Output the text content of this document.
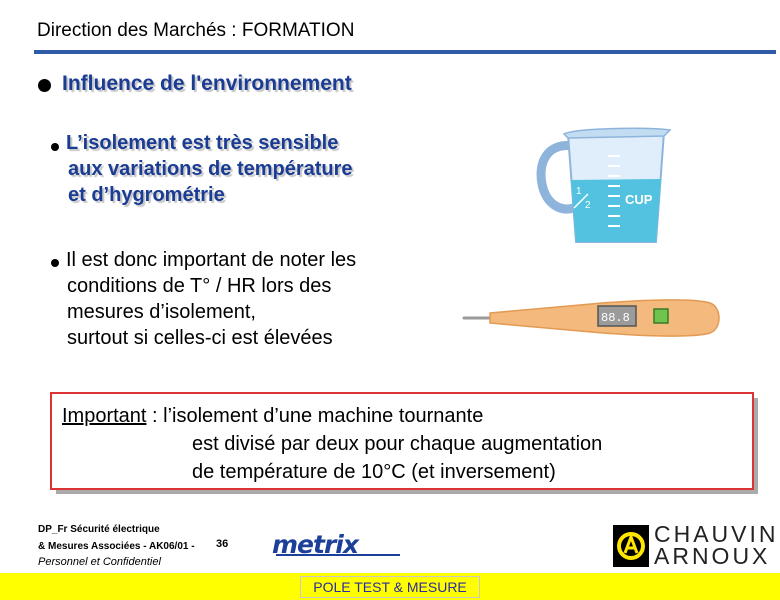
Direction des Marchés : FORMATION
Influence de l'environnement
L’isolement est très sensible
aux variations de température
et d’hygrométrie
Il est donc important de noter les
conditions de T° / HR lors des
mesures d’isolement,
surtout si celles-ci est élevées
1
2	CUP
88.8
Important : l’isolement d’une machine tournante
est divisé par deux pour chaque augmentation
de température de 10°C (et inversement)
DP_Fr Sécurité électrique
& Mesures Associées - AK06/01 - 36
Personnel et Confidentiel
metrix	CHAUVIN
ARNOUX
POLE TEST & MESURE
